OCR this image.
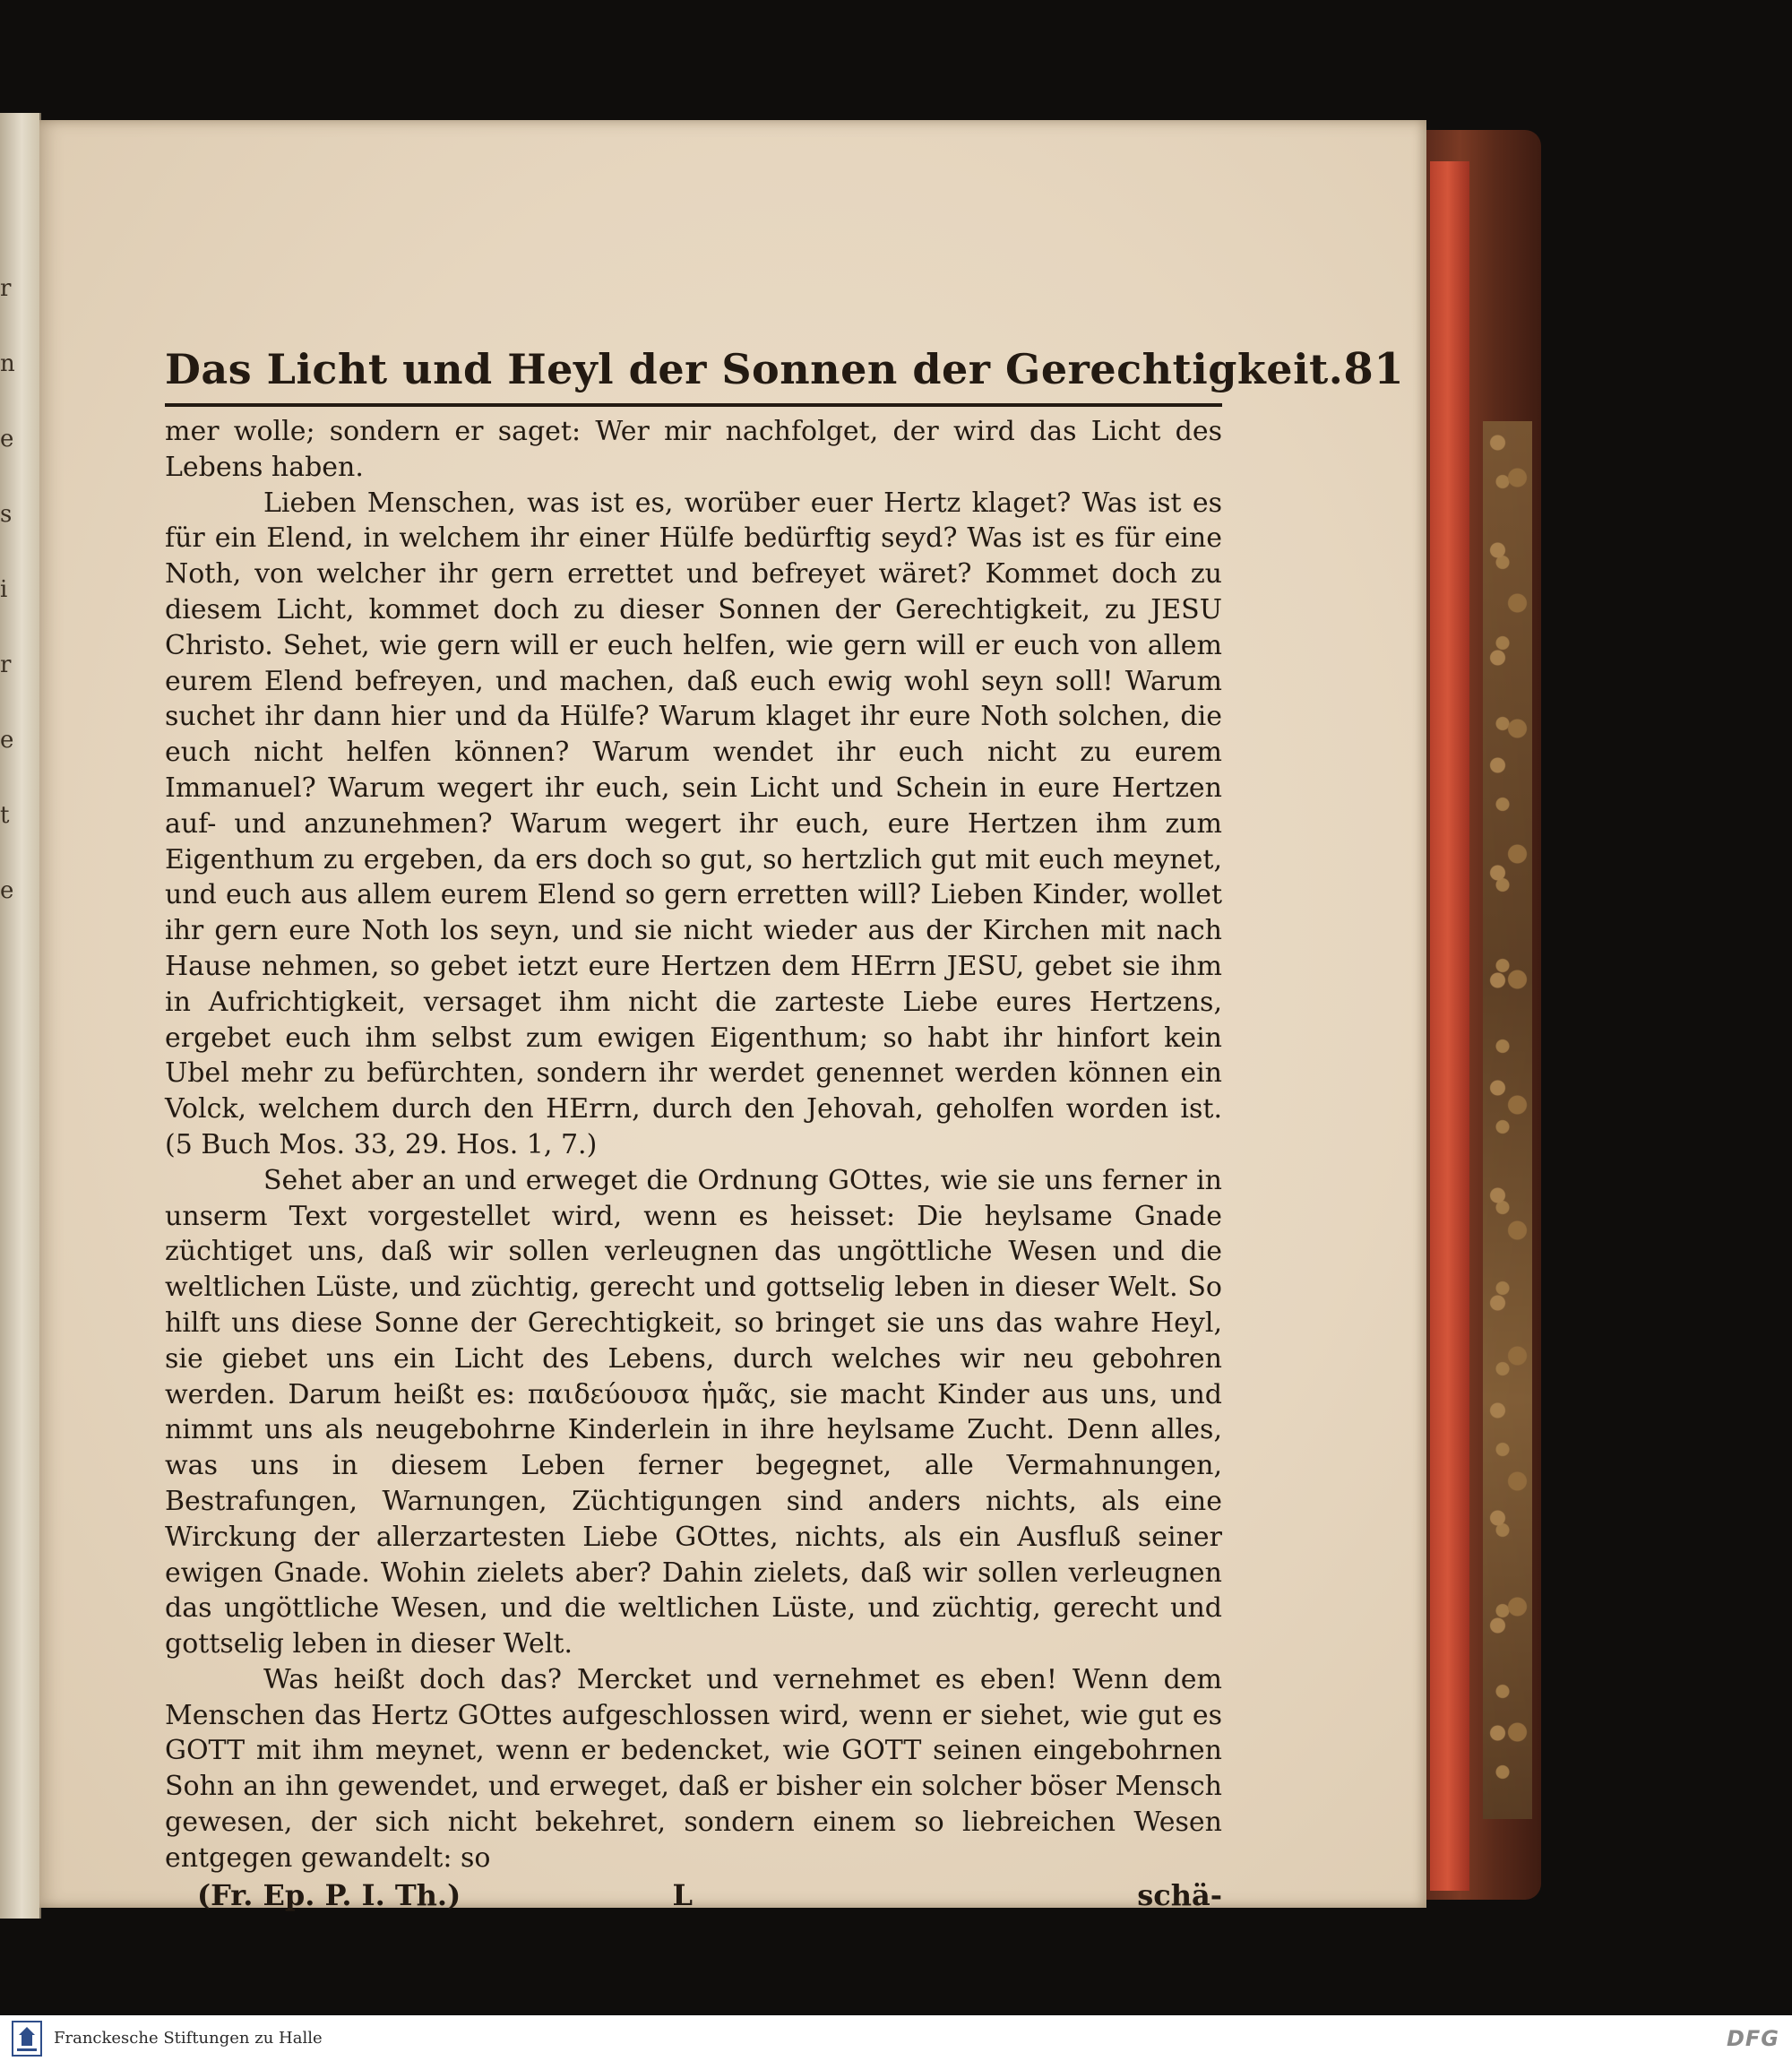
r
n
e
s
i
r
e
t
e
Das Licht und Heyl der Sonnen der Gerechtigkeit. 81

mer wolle; sondern er saget: Wer mir nachfolget, der wird das Licht des Lebens haben.

Lieben Menschen, was ist es, worüber euer Hertz klaget? Was ist es für ein Elend, in welchem ihr einer Hülfe bedürftig seyd? Was ist es für eine Noth, von welcher ihr gern errettet und befreyet wäret? Kommet doch zu diesem Licht, kommet doch zu dieser Sonnen der Gerechtigkeit, zu JESU Christo. Sehet, wie gern will er euch helfen, wie gern will er euch von allem eurem Elend befreyen, und machen, daß euch ewig wohl seyn soll! Warum suchet ihr dann hier und da Hülfe? Warum klaget ihr eure Noth solchen, die euch nicht helfen können? Warum wendet ihr euch nicht zu eurem Immanuel? Warum wegert ihr euch, sein Licht und Schein in eure Hertzen auf- und anzunehmen? Warum wegert ihr euch, eure Hertzen ihm zum Eigenthum zu ergeben, da ers doch so gut, so hertzlich gut mit euch meynet, und euch aus allem eurem Elend so gern erretten will? Lieben Kinder, wollet ihr gern eure Noth los seyn, und sie nicht wieder aus der Kirchen mit nach Hause nehmen, so gebet ietzt eure Hertzen dem HErrn JESU, gebet sie ihm in Aufrichtigkeit, versaget ihm nicht die zarteste Liebe eures Hertzens, ergebet euch ihm selbst zum ewigen Eigenthum; so habt ihr hinfort kein Ubel mehr zu befürchten, sondern ihr werdet genennet werden können ein Volck, welchem durch den HErrn, durch den Jehovah, geholfen worden ist. (5 Buch Mos. 33, 29. Hos. 1, 7.)

Sehet aber an und erweget die Ordnung GOttes, wie sie uns ferner in unserm Text vorgestellet wird, wenn es heisset: Die heylsame Gnade züchtiget uns, daß wir sollen verleugnen das ungöttliche Wesen und die weltlichen Lüste, und züchtig, gerecht und gottselig leben in dieser Welt. So hilft uns diese Sonne der Gerechtigkeit, so bringet sie uns das wahre Heyl, sie giebet uns ein Licht des Lebens, durch welches wir neu gebohren werden. Darum heißt es: παιδεύουσα ἡμᾶς, sie macht Kinder aus uns, und nimmt uns als neugebohrne Kinderlein in ihre heylsame Zucht. Denn alles, was uns in diesem Leben ferner begegnet, alle Vermahnungen, Bestrafungen, Warnungen, Züchtigungen sind anders nichts, als eine Wirckung der allerzartesten Liebe GOttes, nichts, als ein Ausfluß seiner ewigen Gnade. Wohin zielets aber? Dahin zielets, daß wir sollen verleugnen das ungöttliche Wesen, und die weltlichen Lüste, und züchtig, gerecht und gottselig leben in dieser Welt.

Was heißt doch das? Mercket und vernehmet es eben! Wenn dem Menschen das Hertz GOttes aufgeschlossen wird, wenn er siehet, wie gut es GOTT mit ihm meynet, wenn er bedencket, wie GOTT seinen eingebohrnen Sohn an ihn gewendet, und erweget, daß er bisher ein solcher böser Mensch gewesen, der sich nicht bekehret, sondern einem so liebreichen Wesen entgegen gewandelt: so

(Fr. Ep. P. I. Th.)	L	schä-
Franckesche Stiftungen zu Halle	DFG
